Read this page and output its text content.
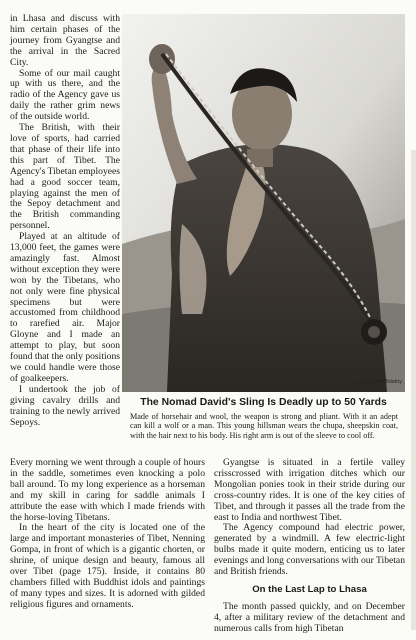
in Lhasa and discuss with him certain phases of the journey from Gyangtse and the arrival in the Sacred City.

Some of our mail caught up with us there, and the radio of the Agency gave us daily the rather grim news of the outside world.

The British, with their love of sports, had carried that phase of their life into this part of Tibet. The Agency's Tibetan employees had a good soccer team, playing against the men of the Sepoy detachment and the British commanding personnel.

Played at an altitude of 13,000 feet, the games were amazingly fast. Almost without exception they were won by the Tibetans, who not only were fine physical specimens but were accustomed from childhood to rarefied air. Major Gloyne and I made an attempt to play, but soon found that the only positions we could handle were those of goalkeepers.

I undertook the job of giving cavalry drills and training to the newly arrived Sepoys.

Lt. Col. Ilia Tolstoy
The Nomad David's Sling Is Deadly up to 50 Yards

Made of horsehair and wool, the weapon is strong and pliant. With it an adept can kill a wolf or a man. This young hillsman wears the chupa, sheepskin coat, with the hair next to his body. His right arm is out of the sleeve to cool off.

Every morning we went through a couple of hours in the saddle, sometimes even knocking a polo ball around. To my long experience as a horseman and my skill in caring for saddle animals I attribute the ease with which I made friends with the horse-loving Tibetans.

In the heart of the city is located one of the large and important monasteries of Tibet, Nenning Gompa, in front of which is a gigantic chorten, or shrine, of unique design and beauty, famous all over Tibet (page 175). Inside, it contains 80 chambers filled with Buddhist idols and paintings of many types and sizes. It is adorned with gilded religious figures and ornaments.

Gyangtse is situated in a fertile valley crisscrossed with irrigation ditches which our Mongolian ponies took in their stride during our cross-country rides. It is one of the key cities of Tibet, and through it passes all the trade from the east to India and northwest Tibet.

The Agency compound had electric power, generated by a windmill. A few electric-light bulbs made it quite modern, enticing us to later evenings and long conversations with our Tibetan and British friends.

On the Last Lap to Lhasa

The month passed quickly, and on December 4, after a military review of the detachment and numerous calls from high Tibetan
